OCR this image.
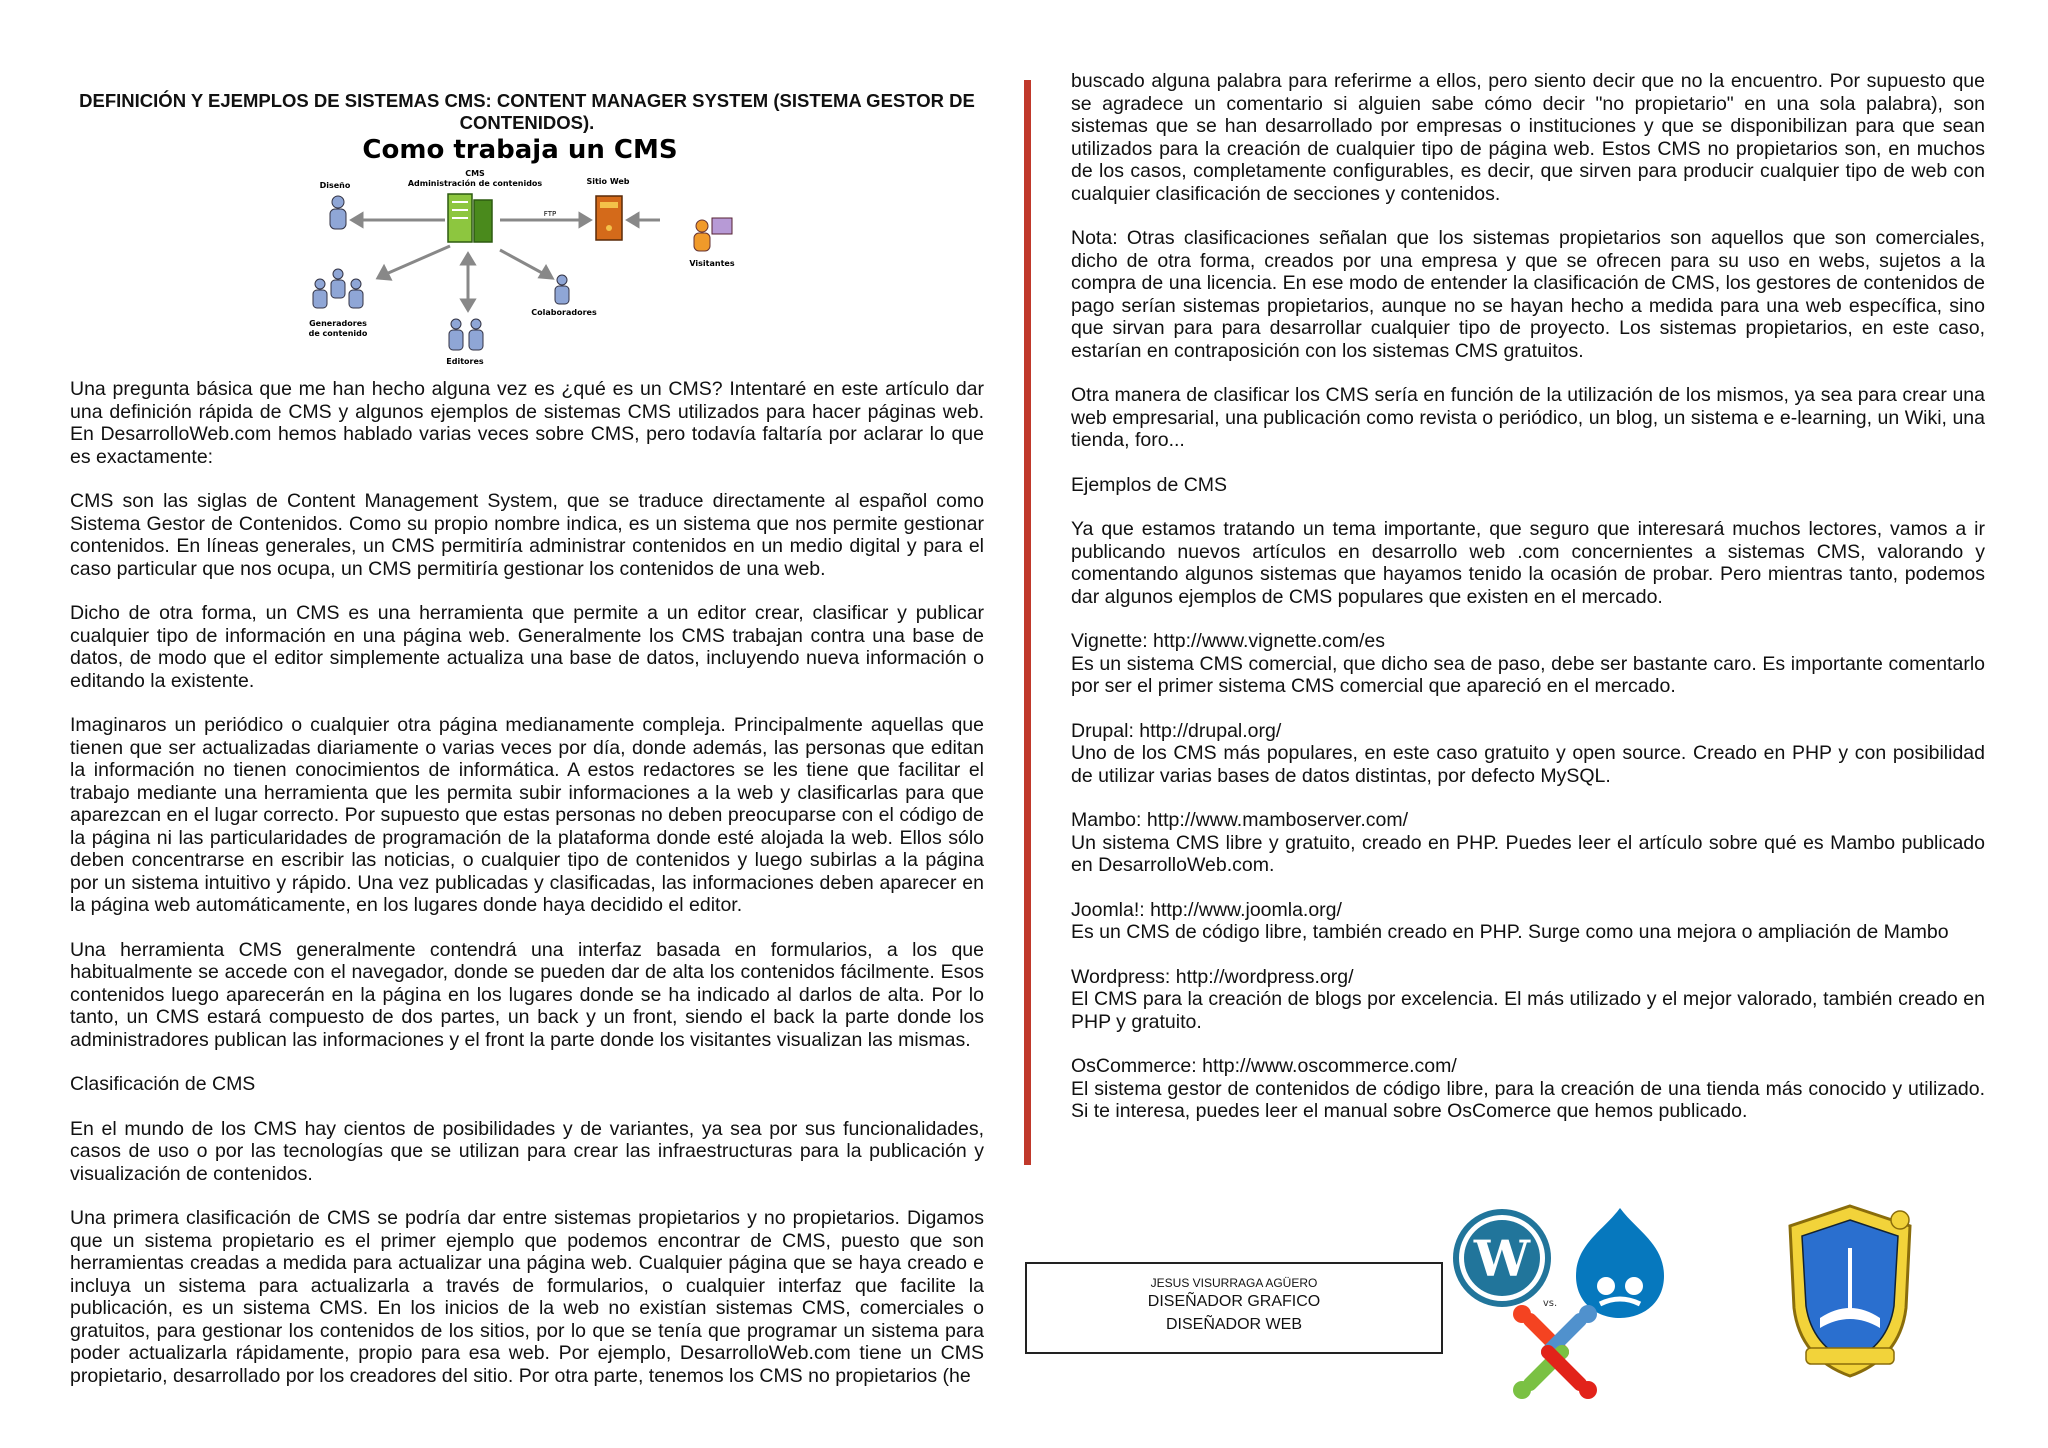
DEFINICIÓN Y EJEMPLOS DE SISTEMAS CMS: CONTENT MANAGER SYSTEM (SISTEMA GESTOR DE CONTENIDOS).
Como trabaja un CMS
CMS
Administración de contenidos
Diseño	Sitio Web
FTP
Visitantes
Generadores
de contenido
Colaboradores
Editores

Una pregunta básica que me han hecho alguna vez es ¿qué es un CMS? Intentaré en este artículo dar una definición rápida de CMS y algunos ejemplos de sistemas CMS utilizados para hacer páginas web. En DesarrolloWeb.com hemos hablado varias veces sobre CMS, pero todavía faltaría por aclarar lo que es exactamente:

CMS son las siglas de Content Management System, que se traduce directamente al español como Sistema Gestor de Contenidos. Como su propio nombre indica, es un sistema que nos permite gestionar contenidos. En líneas generales, un CMS permitiría administrar contenidos en un medio digital y para el caso particular que nos ocupa, un CMS permitiría gestionar los contenidos de una web.

Dicho de otra forma, un CMS es una herramienta que permite a un editor crear, clasificar y publicar cualquier tipo de información en una página web. Generalmente los CMS trabajan contra una base de datos, de modo que el editor simplemente actualiza una base de datos, incluyendo nueva información o editando la existente.

Imaginaros un periódico o cualquier otra página medianamente compleja. Principalmente aquellas que tienen que ser actualizadas diariamente o varias veces por día, donde además, las personas que editan la información no tienen conocimientos de informática. A estos redactores se les tiene que facilitar el trabajo mediante una herramienta que les permita subir informaciones a la web y clasificarlas para que aparezcan en el lugar correcto. Por supuesto que estas personas no deben preocuparse con el código de la página ni las particularidades de programación de la plataforma donde esté alojada la web. Ellos sólo deben concentrarse en escribir las noticias, o cualquier tipo de contenidos y luego subirlas a la página por un sistema intuitivo y rápido. Una vez publicadas y clasificadas, las informaciones deben aparecer en la página web automáticamente, en los lugares donde haya decidido el editor.

Una herramienta CMS generalmente contendrá una interfaz basada en formularios, a los que habitualmente se accede con el navegador, donde se pueden dar de alta los contenidos fácilmente. Esos contenidos luego aparecerán en la página en los lugares donde se ha indicado al darlos de alta. Por lo tanto, un CMS estará compuesto de dos partes, un back y un front, siendo el back la parte donde los administradores publican las informaciones y el front la parte donde los visitantes visualizan las mismas.

Clasificación de CMS

En el mundo de los CMS hay cientos de posibilidades y de variantes, ya sea por sus funcionalidades, casos de uso o por las tecnologías que se utilizan para crear las infraestructuras para la publicación y visualización de contenidos.

Una primera clasificación de CMS se podría dar entre sistemas propietarios y no propietarios. Digamos que un sistema propietario es el primer ejemplo que podemos encontrar de CMS, puesto que son herramientas creadas a medida para actualizar una página web. Cualquier página que se haya creado e incluya un sistema para actualizarla a través de formularios, o cualquier interfaz que facilite la publicación, es un sistema CMS. En los inicios de la web no existían sistemas CMS, comerciales o gratuitos, para gestionar los contenidos de los sitios, por lo que se tenía que programar un sistema para poder actualizarla rápidamente, propio para esa web. Por ejemplo, DesarrolloWeb.com tiene un CMS propietario, desarrollado por los creadores del sitio. Por otra parte, tenemos los CMS no propietarios (he

buscado alguna palabra para referirme a ellos, pero siento decir que no la encuentro. Por supuesto que se agradece un comentario si alguien sabe cómo decir "no propietario" en una sola palabra), son sistemas que se han desarrollado por empresas o instituciones y que se disponibilizan para que sean utilizados para la creación de cualquier tipo de página web. Estos CMS no propietarios son, en muchos de los casos, completamente configurables, es decir, que sirven para producir cualquier tipo de web con cualquier clasificación de secciones y contenidos.

Nota: Otras clasificaciones señalan que los sistemas propietarios son aquellos que son comerciales, dicho de otra forma, creados por una empresa y que se ofrecen para su uso en webs, sujetos a la compra de una licencia. En ese modo de entender la clasificación de CMS, los gestores de contenidos de pago serían sistemas propietarios, aunque no se hayan hecho a medida para una web específica, sino que sirvan para para desarrollar cualquier tipo de proyecto. Los sistemas propietarios, en este caso, estarían en contraposición con los sistemas CMS gratuitos.

Otra manera de clasificar los CMS sería en función de la utilización de los mismos, ya sea para crear una web empresarial, una publicación como revista o periódico, un blog, un sistema e e-learning, un Wiki, una tienda, foro...

Ejemplos de CMS

Ya que estamos tratando un tema importante, que seguro que interesará muchos lectores, vamos a ir publicando nuevos artículos en desarrollo web .com concernientes a sistemas CMS, valorando y comentando algunos sistemas que hayamos tenido la ocasión de probar. Pero mientras tanto, podemos dar algunos ejemplos de CMS populares que existen en el mercado.

Vignette: http://www.vignette.com/es
Es un sistema CMS comercial, que dicho sea de paso, debe ser bastante caro. Es importante comentarlo por ser el primer sistema CMS comercial que apareció en el mercado.

Drupal: http://drupal.org/
Uno de los CMS más populares, en este caso gratuito y open source. Creado en PHP y con posibilidad de utilizar varias bases de datos distintas, por defecto MySQL.

Mambo: http://www.mamboserver.com/
Un sistema CMS libre y gratuito, creado en PHP. Puedes leer el artículo sobre qué es Mambo publicado en DesarrolloWeb.com.

Joomla!: http://www.joomla.org/
Es un CMS de código libre, también creado en PHP. Surge como una mejora o ampliación de Mambo

Wordpress: http://wordpress.org/
El CMS para la creación de blogs por excelencia. El más utilizado y el mejor valorado, también creado en PHP y gratuito.

OsCommerce: http://www.oscommerce.com/
El sistema gestor de contenidos de código libre, para la creación de una tienda más conocido y utilizado. Si te interesa, puedes leer el manual sobre OsComerce que hemos publicado.

JESUS VISURRAGA AGÜERO
DISEÑADOR GRAFICO
DISEÑADOR WEB
W
vs.
